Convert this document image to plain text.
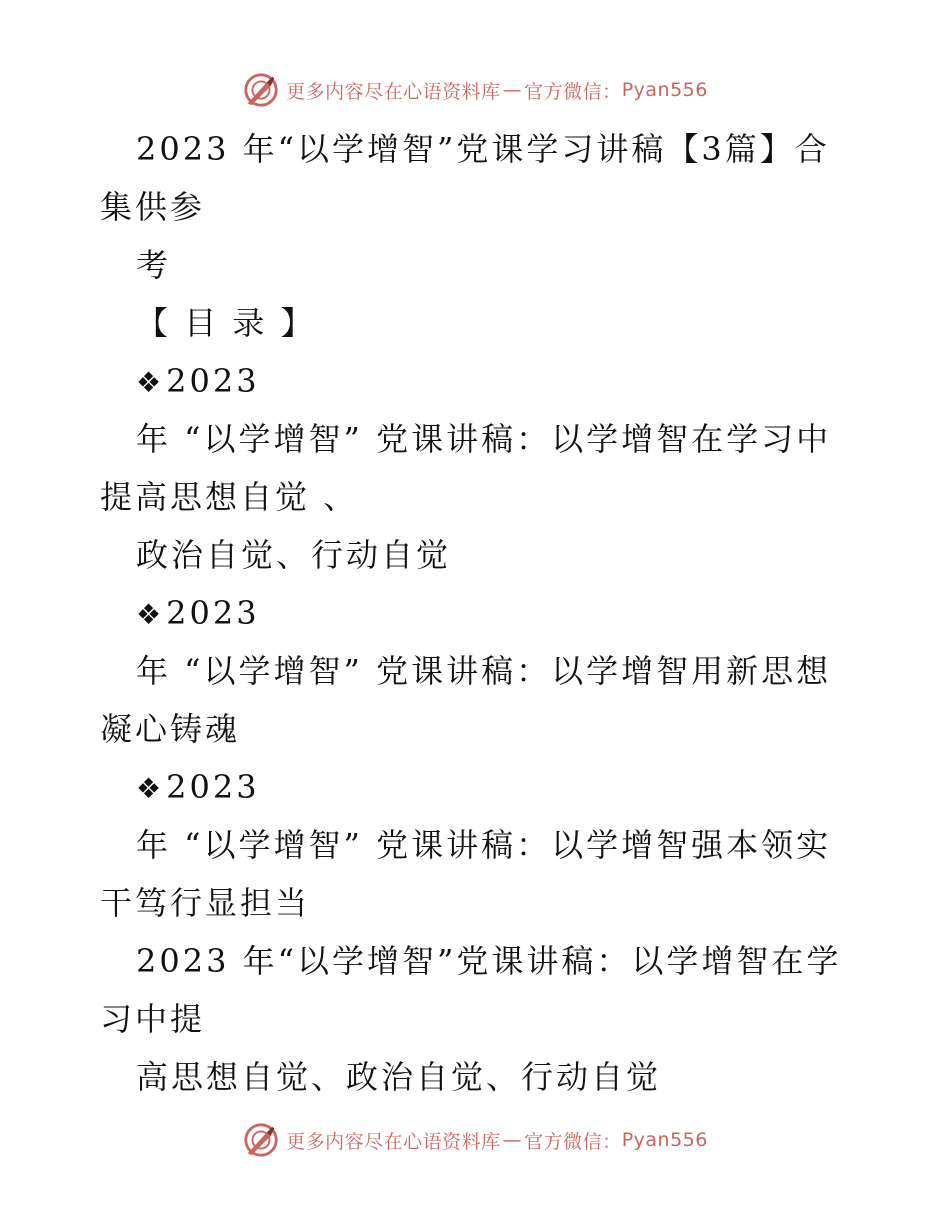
更多内容尽在心语资料库 — 官方微信： Pyan556
2023 年“以学增智”党课学习讲稿【3篇】合
集供参
考
【 目 录 】
❖2023
年 “以学增智” 党课讲稿：以学增智在学习中
提高思想自觉 、
政治自觉、行动自觉
❖2023
年 “以学增智” 党课讲稿：以学增智用新思想
凝心铸魂
❖2023
年 “以学增智” 党课讲稿：以学增智强本领实
干笃行显担当
2023 年“以学增智”党课讲稿：以学增智在学
习中提
高思想自觉、政治自觉、行动自觉
更多内容尽在心语资料库 — 官方微信： Pyan556
